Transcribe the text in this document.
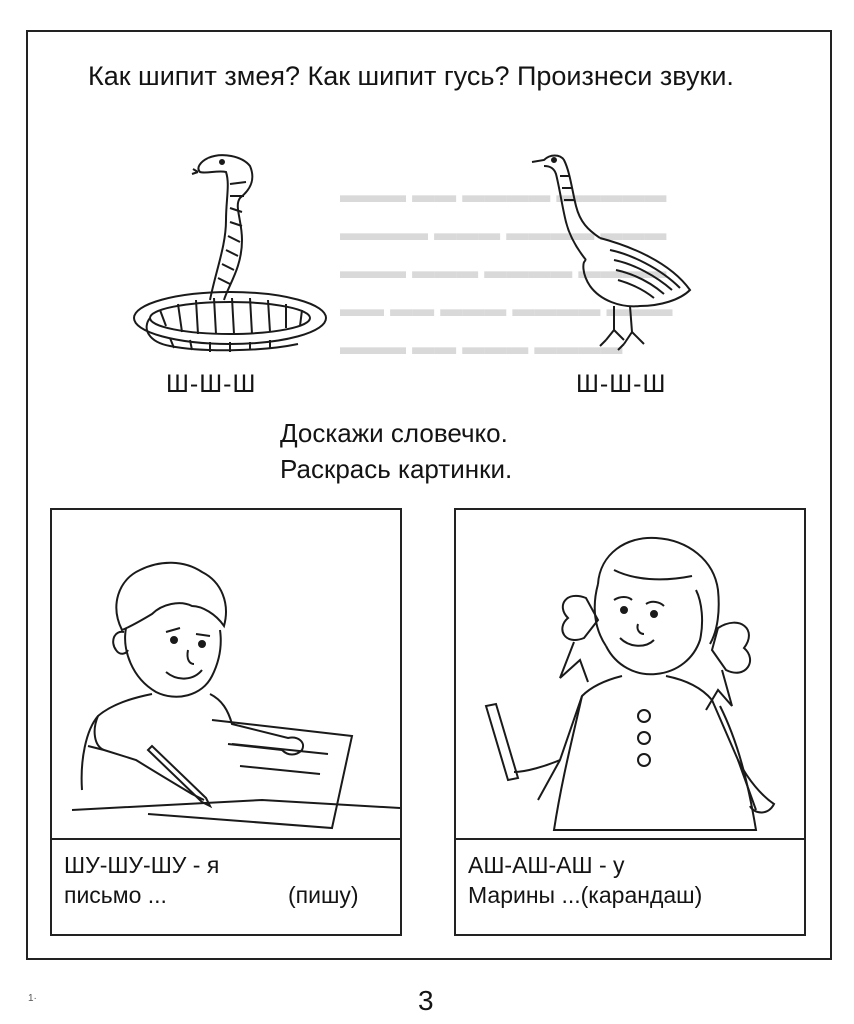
▬▬▬ ▬▬ ▬▬▬▬ ▬▬▬▬▬
▬▬▬▬ ▬▬▬ ▬▬▬▬ ▬▬▬
▬▬▬ ▬▬▬ ▬▬▬▬ ▬▬▬▬
▬▬ ▬▬ ▬▬▬ ▬▬▬▬ ▬▬▬
▬▬▬ ▬▬ ▬▬▬ ▬▬▬▬
Как шипит змея? Как шипит гусь? Произнеси звуки.
Ш-Ш-Ш	Ш-Ш-Ш
Доскажи словечко.
Раскрась картинки.
ШУ-ШУ-ШУ - я
письмо ...	(пишу)
АШ-АШ-АШ - у
Марины ...(карандаш)
1·	3
